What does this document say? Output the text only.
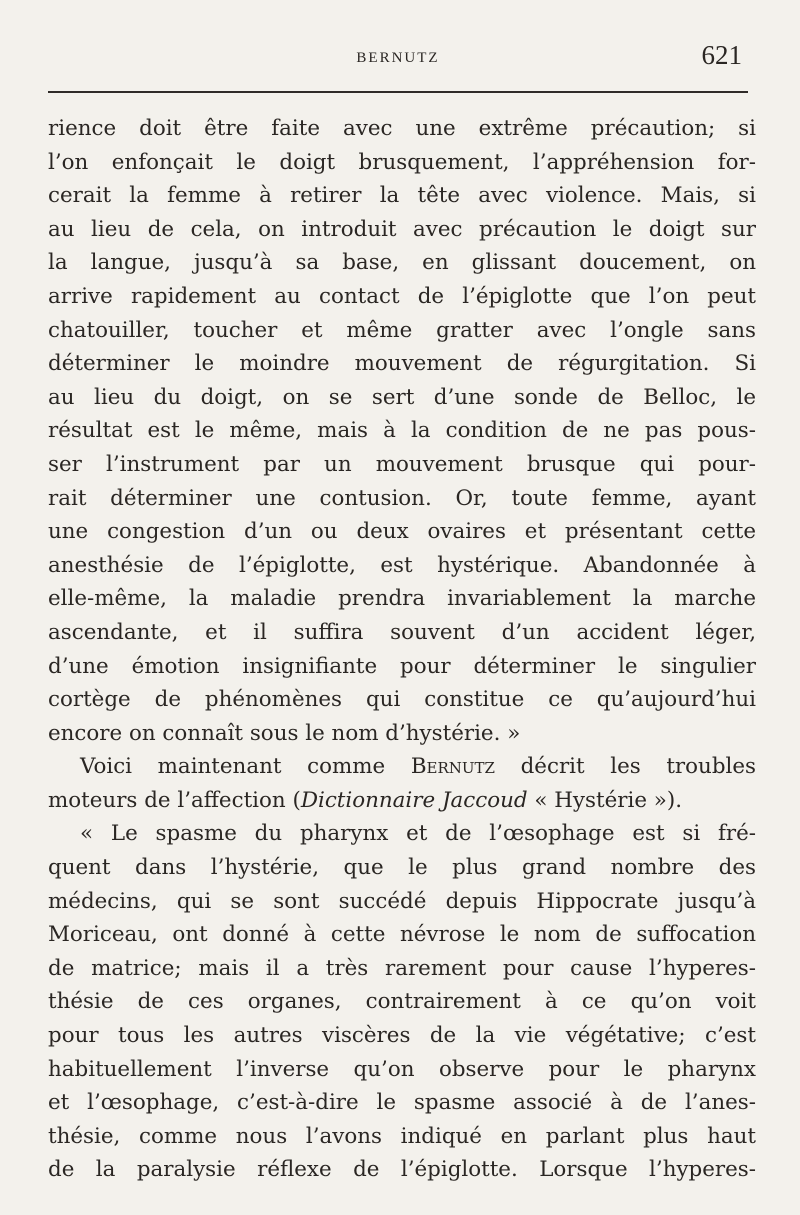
BERNUTZ	621
rience doit être faite avec une extrême précaution; si
l’on enfonçait le doigt brusquement, l’appréhension for-
cerait la femme à retirer la tête avec violence. Mais, si
au lieu de cela, on introduit avec précaution le doigt sur
la langue, jusqu’à sa base, en glissant doucement, on
arrive rapidement au contact de l’épiglotte que l’on peut
chatouiller, toucher et même gratter avec l’ongle sans
déterminer le moindre mouvement de régurgitation. Si
au lieu du doigt, on se sert d’une sonde de Belloc, le
résultat est le même, mais à la condition de ne pas pous-
ser l’instrument par un mouvement brusque qui pour-
rait déterminer une contusion. Or, toute femme, ayant
une congestion d’un ou deux ovaires et présentant cette
anesthésie de l’épiglotte, est hystérique. Abandonnée à
elle-même, la maladie prendra invariablement la marche
ascendante, et il suffira souvent d’un accident léger,
d’une émotion insignifiante pour déterminer le singulier
cortège de phénomènes qui constitue ce qu’aujourd’hui
encore on connaît sous le nom d’hystérie. »
Voici maintenant comme Bernutz décrit les troubles
moteurs de l’affection (Dictionnaire Jaccoud « Hystérie »).
« Le spasme du pharynx et de l’œsophage est si fré-
quent dans l’hystérie, que le plus grand nombre des
médecins, qui se sont succédé depuis Hippocrate jusqu’à
Moriceau, ont donné à cette névrose le nom de suffocation
de matrice; mais il a très rarement pour cause l’hyperes-
thésie de ces organes, contrairement à ce qu’on voit
pour tous les autres viscères de la vie végétative; c’est
habituellement l’inverse qu’on observe pour le pharynx
et l’œsophage, c’est-à-dire le spasme associé à de l’anes-
thésie, comme nous l’avons indiqué en parlant plus haut
de la paralysie réflexe de l’épiglotte. Lorsque l’hyperes-
